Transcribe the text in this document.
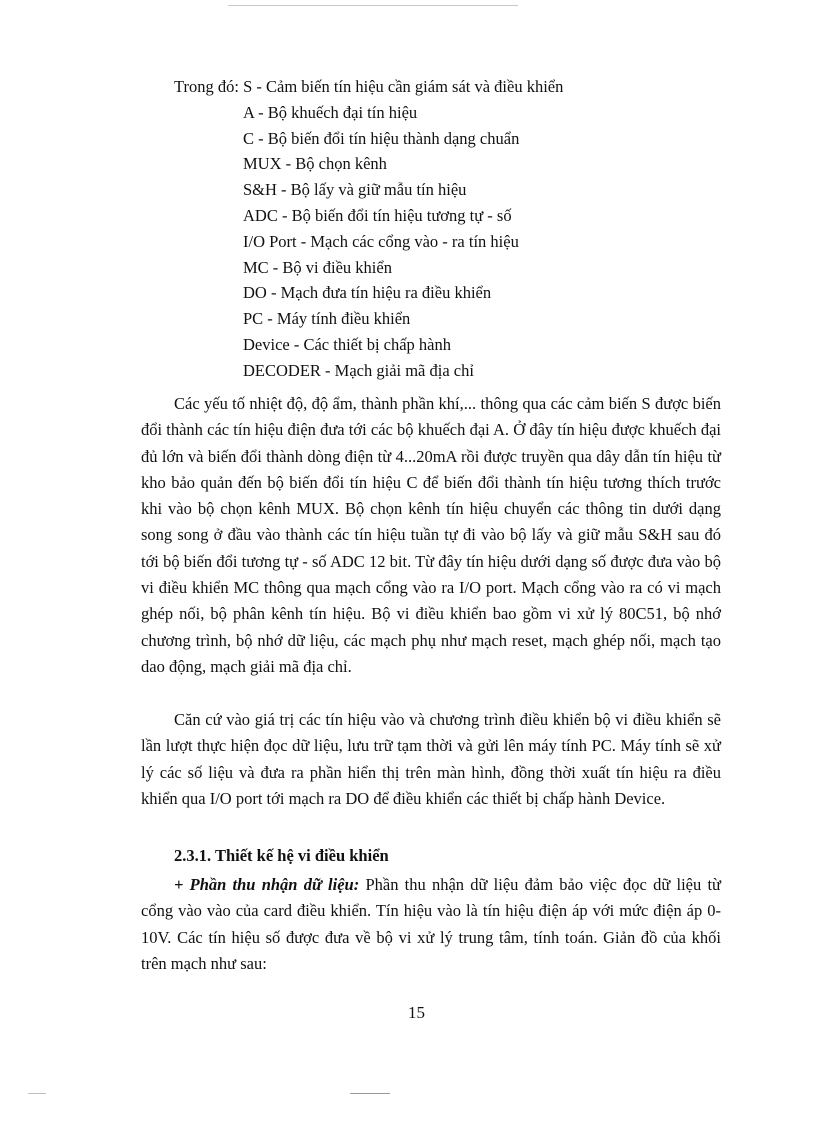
Trong đó: S - Cảm biến tín hiệu cần giám sát và điều khiển
A - Bộ khuếch đại tín hiệu
C - Bộ biến đổi tín hiệu thành dạng chuẩn
MUX - Bộ chọn kênh
S&H - Bộ lấy và giữ mẫu tín hiệu
ADC - Bộ biến đổi tín hiệu tương tự - số
I/O Port - Mạch các cổng vào - ra tín hiệu
MC - Bộ vi điều khiển
DO - Mạch đưa tín hiệu ra điều khiển
PC - Máy tính điều khiển
Device - Các thiết bị chấp hành
DECODER - Mạch giải mã địa chỉ

Các yếu tố nhiệt độ, độ ẩm, thành phần khí,... thông qua các cảm biến S được biến đổi thành các tín hiệu điện đưa tới các bộ khuếch đại A. Ở đây tín hiệu được khuếch đại đủ lớn và biến đổi thành dòng điện từ 4...20mA rồi được truyền qua dây dẫn tín hiệu từ kho bảo quản đến bộ biến đổi tín hiệu C để biến đổi thành tín hiệu tương thích trước khi vào bộ chọn kênh MUX. Bộ chọn kênh tín hiệu chuyển các thông tin dưới dạng song song ở đầu vào thành các tín hiệu tuần tự đi vào bộ lấy và giữ mẫu S&H sau đó tới bộ biến đổi tương tự - số ADC 12 bit. Từ đây tín hiệu dưới dạng số được đưa vào bộ vi điều khiển MC thông qua mạch cổng vào ra I/O port. Mạch cổng vào ra có vi mạch ghép nối, bộ phân kênh tín hiệu. Bộ vi điều khiển bao gồm vi xử lý 80C51, bộ nhớ chương trình, bộ nhớ dữ liệu, các mạch phụ như mạch reset, mạch ghép nối, mạch tạo dao động, mạch giải mã địa chỉ.

Căn cứ vào giá trị các tín hiệu vào và chương trình điều khiển bộ vi điều khiển sẽ lần lượt thực hiện đọc dữ liệu, lưu trữ tạm thời và gửi lên máy tính PC. Máy tính sẽ xử lý các số liệu và đưa ra phần hiển thị trên màn hình, đồng thời xuất tín hiệu ra điều khiển qua I/O port tới mạch ra DO để điều khiển các thiết bị chấp hành Device.

2.3.1. Thiết kế hệ vi điều khiển

+ Phần thu nhận dữ liệu: Phần thu nhận dữ liệu đảm bảo việc đọc dữ liệu từ cổng vào vào của card điều khiển. Tín hiệu vào là tín hiệu điện áp với mức điện áp 0-10V. Các tín hiệu số được đưa về bộ vi xử lý trung tâm, tính toán. Giản đồ của khối trên mạch như sau:

15
